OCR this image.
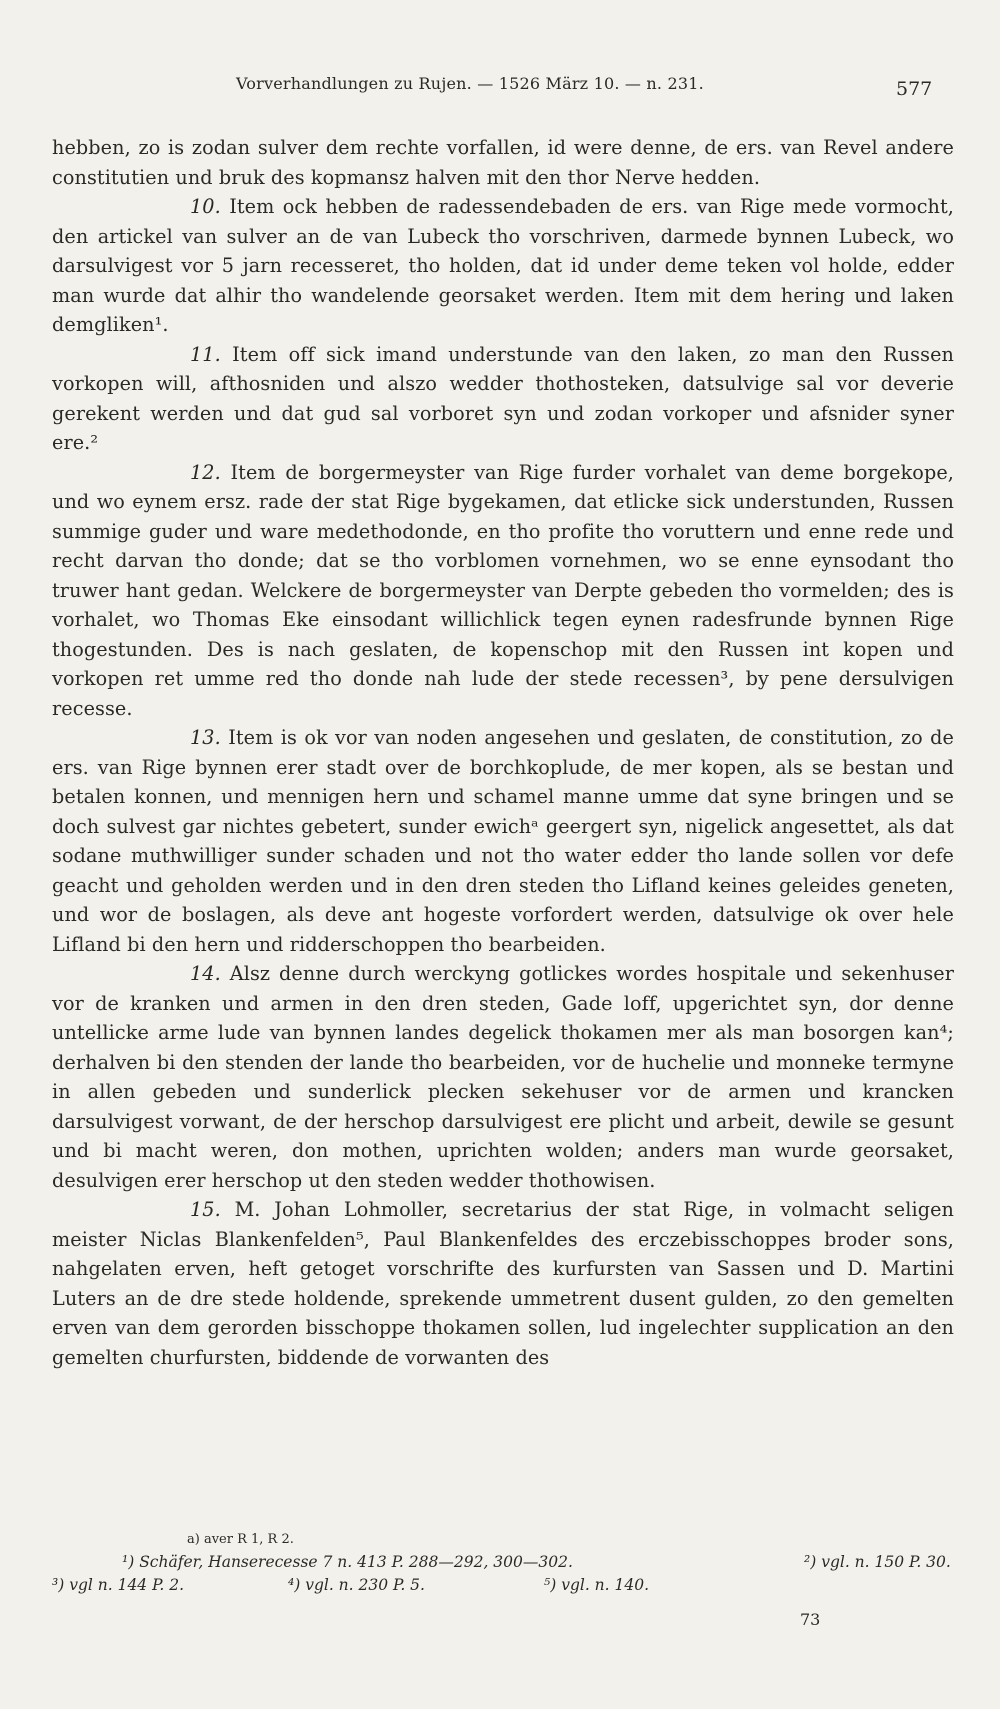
Vorverhandlungen zu Rujen. — 1526 März 10. — n. 231.	577

hebben, zo is zodan sulver dem rechte vorfallen, id were denne, de ers. van Revel andere constitutien und bruk des kopmansz halven mit den thor Nerve hedden.

10. Item ock hebben de radessendebaden de ers. van Rige mede vormocht, den artickel van sulver an de van Lubeck tho vorschriven, darmede bynnen Lubeck, wo darsulvigest vor 5 jarn recesseret, tho holden, dat id under deme teken vol holde, edder man wurde dat alhir tho wandelende georsaket werden. Item mit dem hering und laken demgliken¹.

11. Item off sick imand understunde van den laken, zo man den Russen vorkopen will, afthosniden und alszo wedder thothosteken, datsulvige sal vor deverie gerekent werden und dat gud sal vorboret syn und zodan vorkoper und afsnider syner ere.²

12. Item de borgermeyster van Rige furder vorhalet van deme borgekope, und wo eynem ersz. rade der stat Rige bygekamen, dat etlicke sick understunden, Russen summige guder und ware medethodonde, en tho profite tho voruttern und enne rede und recht darvan tho donde; dat se tho vorblomen vornehmen, wo se enne eynsodant tho truwer hant gedan. Welckere de borgermeyster van Derpte gebeden tho vormelden; des is vorhalet, wo Thomas Eke einsodant willichlick tegen eynen radesfrunde bynnen Rige thogestunden. Des is nach geslaten, de kopenschop mit den Russen int kopen und vorkopen ret umme red tho donde nah lude der stede recessen³, by pene dersulvigen recesse.

13. Item is ok vor van noden angesehen und geslaten, de constitution, zo de ers. van Rige bynnen erer stadt over de borchkoplude, de mer kopen, als se bestan und betalen konnen, und mennigen hern und schamel manne umme dat syne bringen und se doch sulvest gar nichtes gebetert, sunder ewichᵃ geergert syn, nigelick angesettet, als dat sodane muthwilliger sunder schaden und not tho water edder tho lande sollen vor defe geacht und geholden werden und in den dren steden tho Lifland keines geleides geneten, und wor de boslagen, als deve ant hogeste vorfordert werden, datsulvige ok over hele Lifland bi den hern und ridderschoppen tho bearbeiden.

14. Alsz denne durch werckyng gotlickes wordes hospitale und sekenhuser vor de kranken und armen in den dren steden, Gade loff, upgerichtet syn, dor denne untellicke arme lude van bynnen landes degelick thokamen mer als man bosorgen kan⁴; derhalven bi den stenden der lande tho bearbeiden, vor de huchelie und monneke termyne in allen gebeden und sunderlick plecken sekehuser vor de armen und krancken darsulvigest vorwant, de der herschop darsulvigest ere plicht und arbeit, dewile se gesunt und bi macht weren, don mothen, uprichten wolden; anders man wurde georsaket, desulvigen erer herschop ut den steden wedder thothowisen.

15. M. Johan Lohmoller, secretarius der stat Rige, in volmacht seligen meister Niclas Blankenfelden⁵, Paul Blankenfeldes des erczebisschoppes broder sons, nahgelaten erven, heft getoget vorschrifte des kurfursten van Sassen und D. Martini Luters an de dre stede holdende, sprekende ummetrent dusent gulden, zo den gemelten erven van dem gerorden bisschoppe thokamen sollen, lud ingelechter supplication an den gemelten churfursten, biddende de vorwanten des

a) aver R 1, R 2.
¹) Schäfer, Hanserecesse 7 n. 413 P. 288—292, 300—302.	²) vgl. n. 150 P. 30.
³) vgl n. 144 P. 2.	⁴) vgl. n. 230 P. 5.	⁵) vgl. n. 140.
73
